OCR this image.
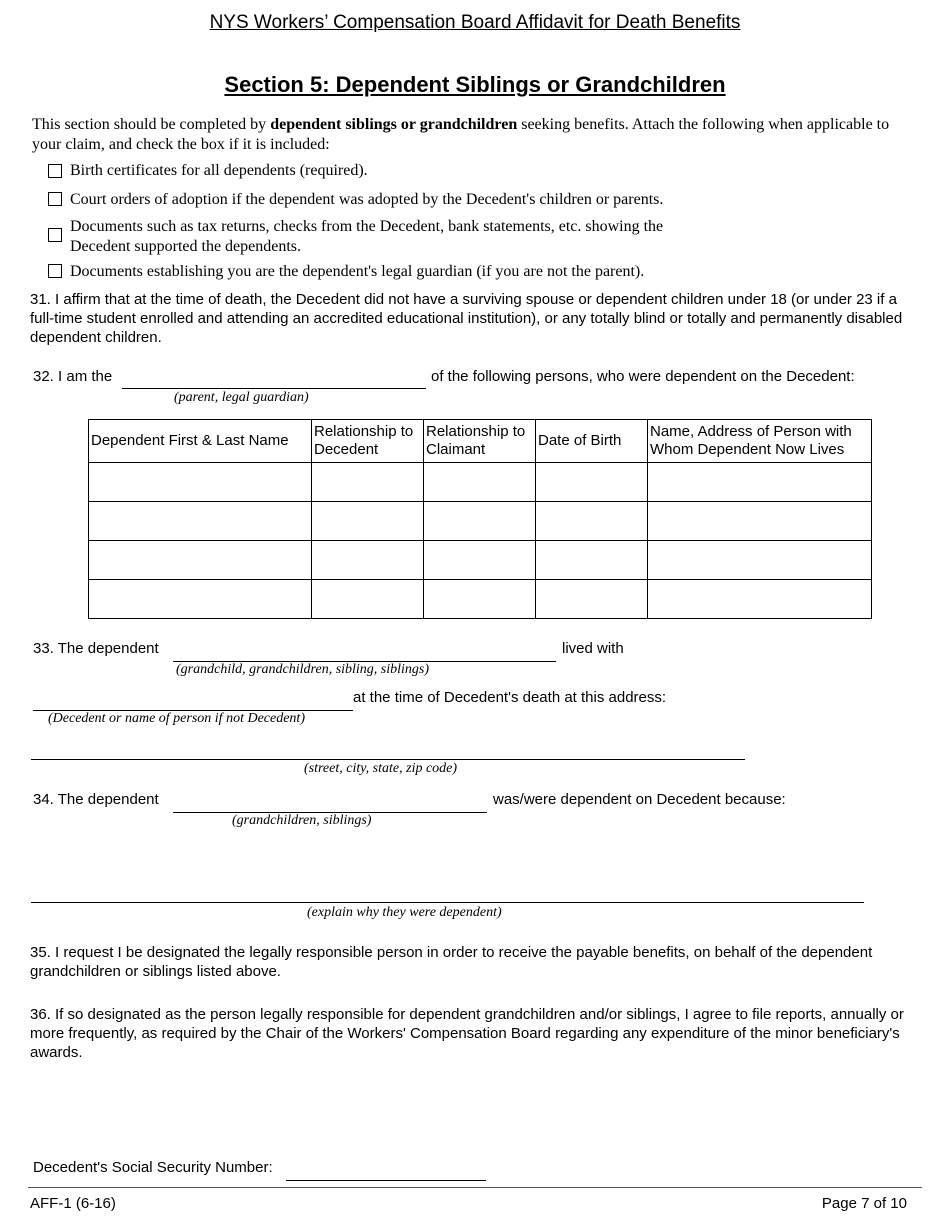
NYS Workers’ Compensation Board Affidavit for Death Benefits
Section 5: Dependent Siblings or Grandchildren
This section should be completed by dependent siblings or grandchildren seeking benefits. Attach the following when applicable to your claim, and check the box if it is included:
Birth certificates for all dependents (required).
Court orders of adoption if the dependent was adopted by the Decedent's children or parents.
Documents such as tax returns, checks from the Decedent, bank statements, etc. showing the Decedent supported the dependents.
Documents establishing you are the dependent's legal guardian (if you are not the parent).
31. I affirm that at the time of death, the Decedent did not have a surviving spouse or dependent children under 18 (or under 23 if a full-time student enrolled and attending an accredited educational institution), or any totally blind or totally and permanently disabled dependent children.
32. I am the	of the following persons, who were dependent on the Decedent:
(parent, legal guardian)
Dependent First & Last Name	Relationship to Decedent	Relationship to Claimant	Date of Birth	Name, Address of Person with Whom Dependent Now Lives

33. The dependent	lived with
(grandchild, grandchildren, sibling, siblings)
at the time of Decedent's death at this address:
(Decedent or name of person if not Decedent)
(street, city, state, zip code)
34. The dependent	was/were dependent on Decedent because:
(grandchildren, siblings)
(explain why they were dependent)
35. I request I be designated the legally responsible person in order to receive the payable benefits, on behalf of the dependent grandchildren or siblings listed above.
36. If so designated as the person legally responsible for dependent grandchildren and/or siblings, I agree to file reports, annually or more frequently, as required by the Chair of the Workers' Compensation Board regarding any expenditure of the minor beneficiary's awards.
Decedent's Social Security Number:
AFF-1 (6-16)	Page 7 of 10
